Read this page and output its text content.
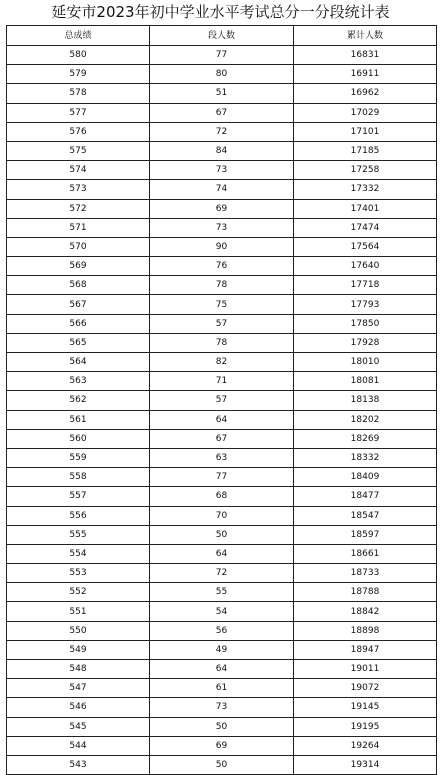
延安市2023年初中学业水平考试总分一分段统计表
总成绩	段人数	累计人数
580	77	16831
579	80	16911
578	51	16962
577	67	17029
576	72	17101
575	84	17185
574	73	17258
573	74	17332
572	69	17401
571	73	17474
570	90	17564
569	76	17640
568	78	17718
567	75	17793
566	57	17850
565	78	17928
564	82	18010
563	71	18081
562	57	18138
561	64	18202
560	67	18269
559	63	18332
558	77	18409
557	68	18477
556	70	18547
555	50	18597
554	64	18661
553	72	18733
552	55	18788
551	54	18842
550	56	18898
549	49	18947
548	64	19011
547	61	19072
546	73	19145
545	50	19195
544	69	19264
543	50	19314
